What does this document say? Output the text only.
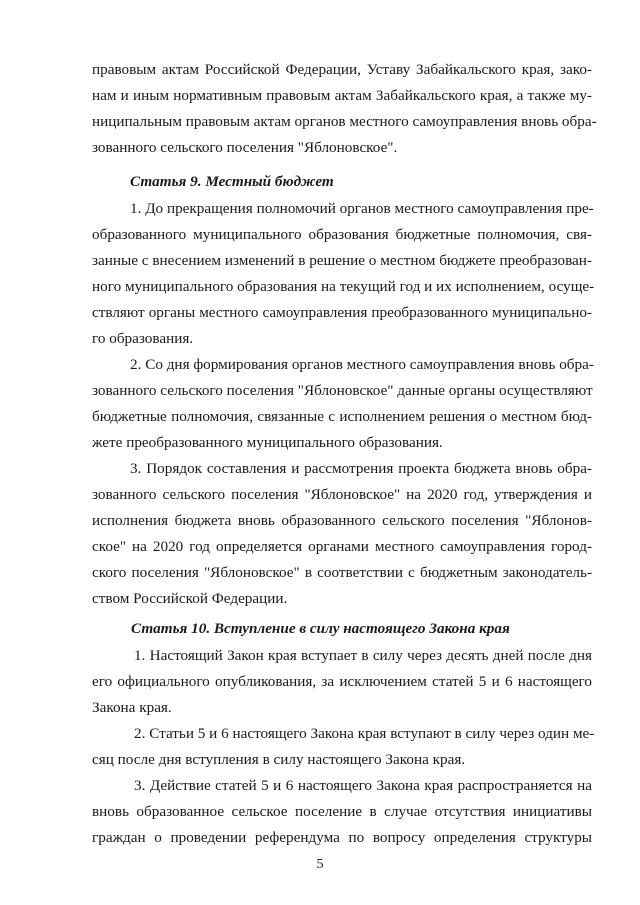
правовым актам Российской Федерации, Уставу Забайкальского края, зако-
нам и иным нормативным правовым актам Забайкальского края, а также му-
ниципальным правовым актам органов местного самоуправления вновь обра-
зованного сельского поселения "Яблоновское".
Статья 9. Местный бюджет
1. До прекращения полномочий органов местного самоуправления пре-
образованного муниципального образования бюджетные полномочия, свя-
занные с внесением изменений в решение о местном бюджете преобразован-
ного муниципального образования на текущий год и их исполнением, осуще-
ствляют органы местного самоуправления преобразованного муниципально-
го образования.
2. Со дня формирования органов местного самоуправления вновь обра-
зованного сельского поселения "Яблоновское" данные органы осуществляют
бюджетные полномочия, связанные с исполнением решения о местном бюд-
жете преобразованного муниципального образования.
3. Порядок составления и рассмотрения проекта бюджета вновь обра-
зованного сельского поселения "Яблоновское" на 2020 год, утверждения и
исполнения бюджета вновь образованного сельского поселения "Яблонов-
ское" на 2020 год определяется органами местного самоуправления город-
ского поселения "Яблоновское" в соответствии с бюджетным законодатель-
ством Российской Федерации.
Статья 10. Вступление в силу настоящего Закона края
1. Настоящий Закон края вступает в силу через десять дней после дня
его официального опубликования, за исключением статей 5 и 6 настоящего
Закона края.
2. Статьи 5 и 6 настоящего Закона края вступают в силу через один ме-
сяц после дня вступления в силу настоящего Закона края.
3. Действие статей 5 и 6 настоящего Закона края распространяется на
вновь образованное сельское поселение в случае отсутствия инициативы
граждан о проведении референдума по вопросу определения структуры
5
